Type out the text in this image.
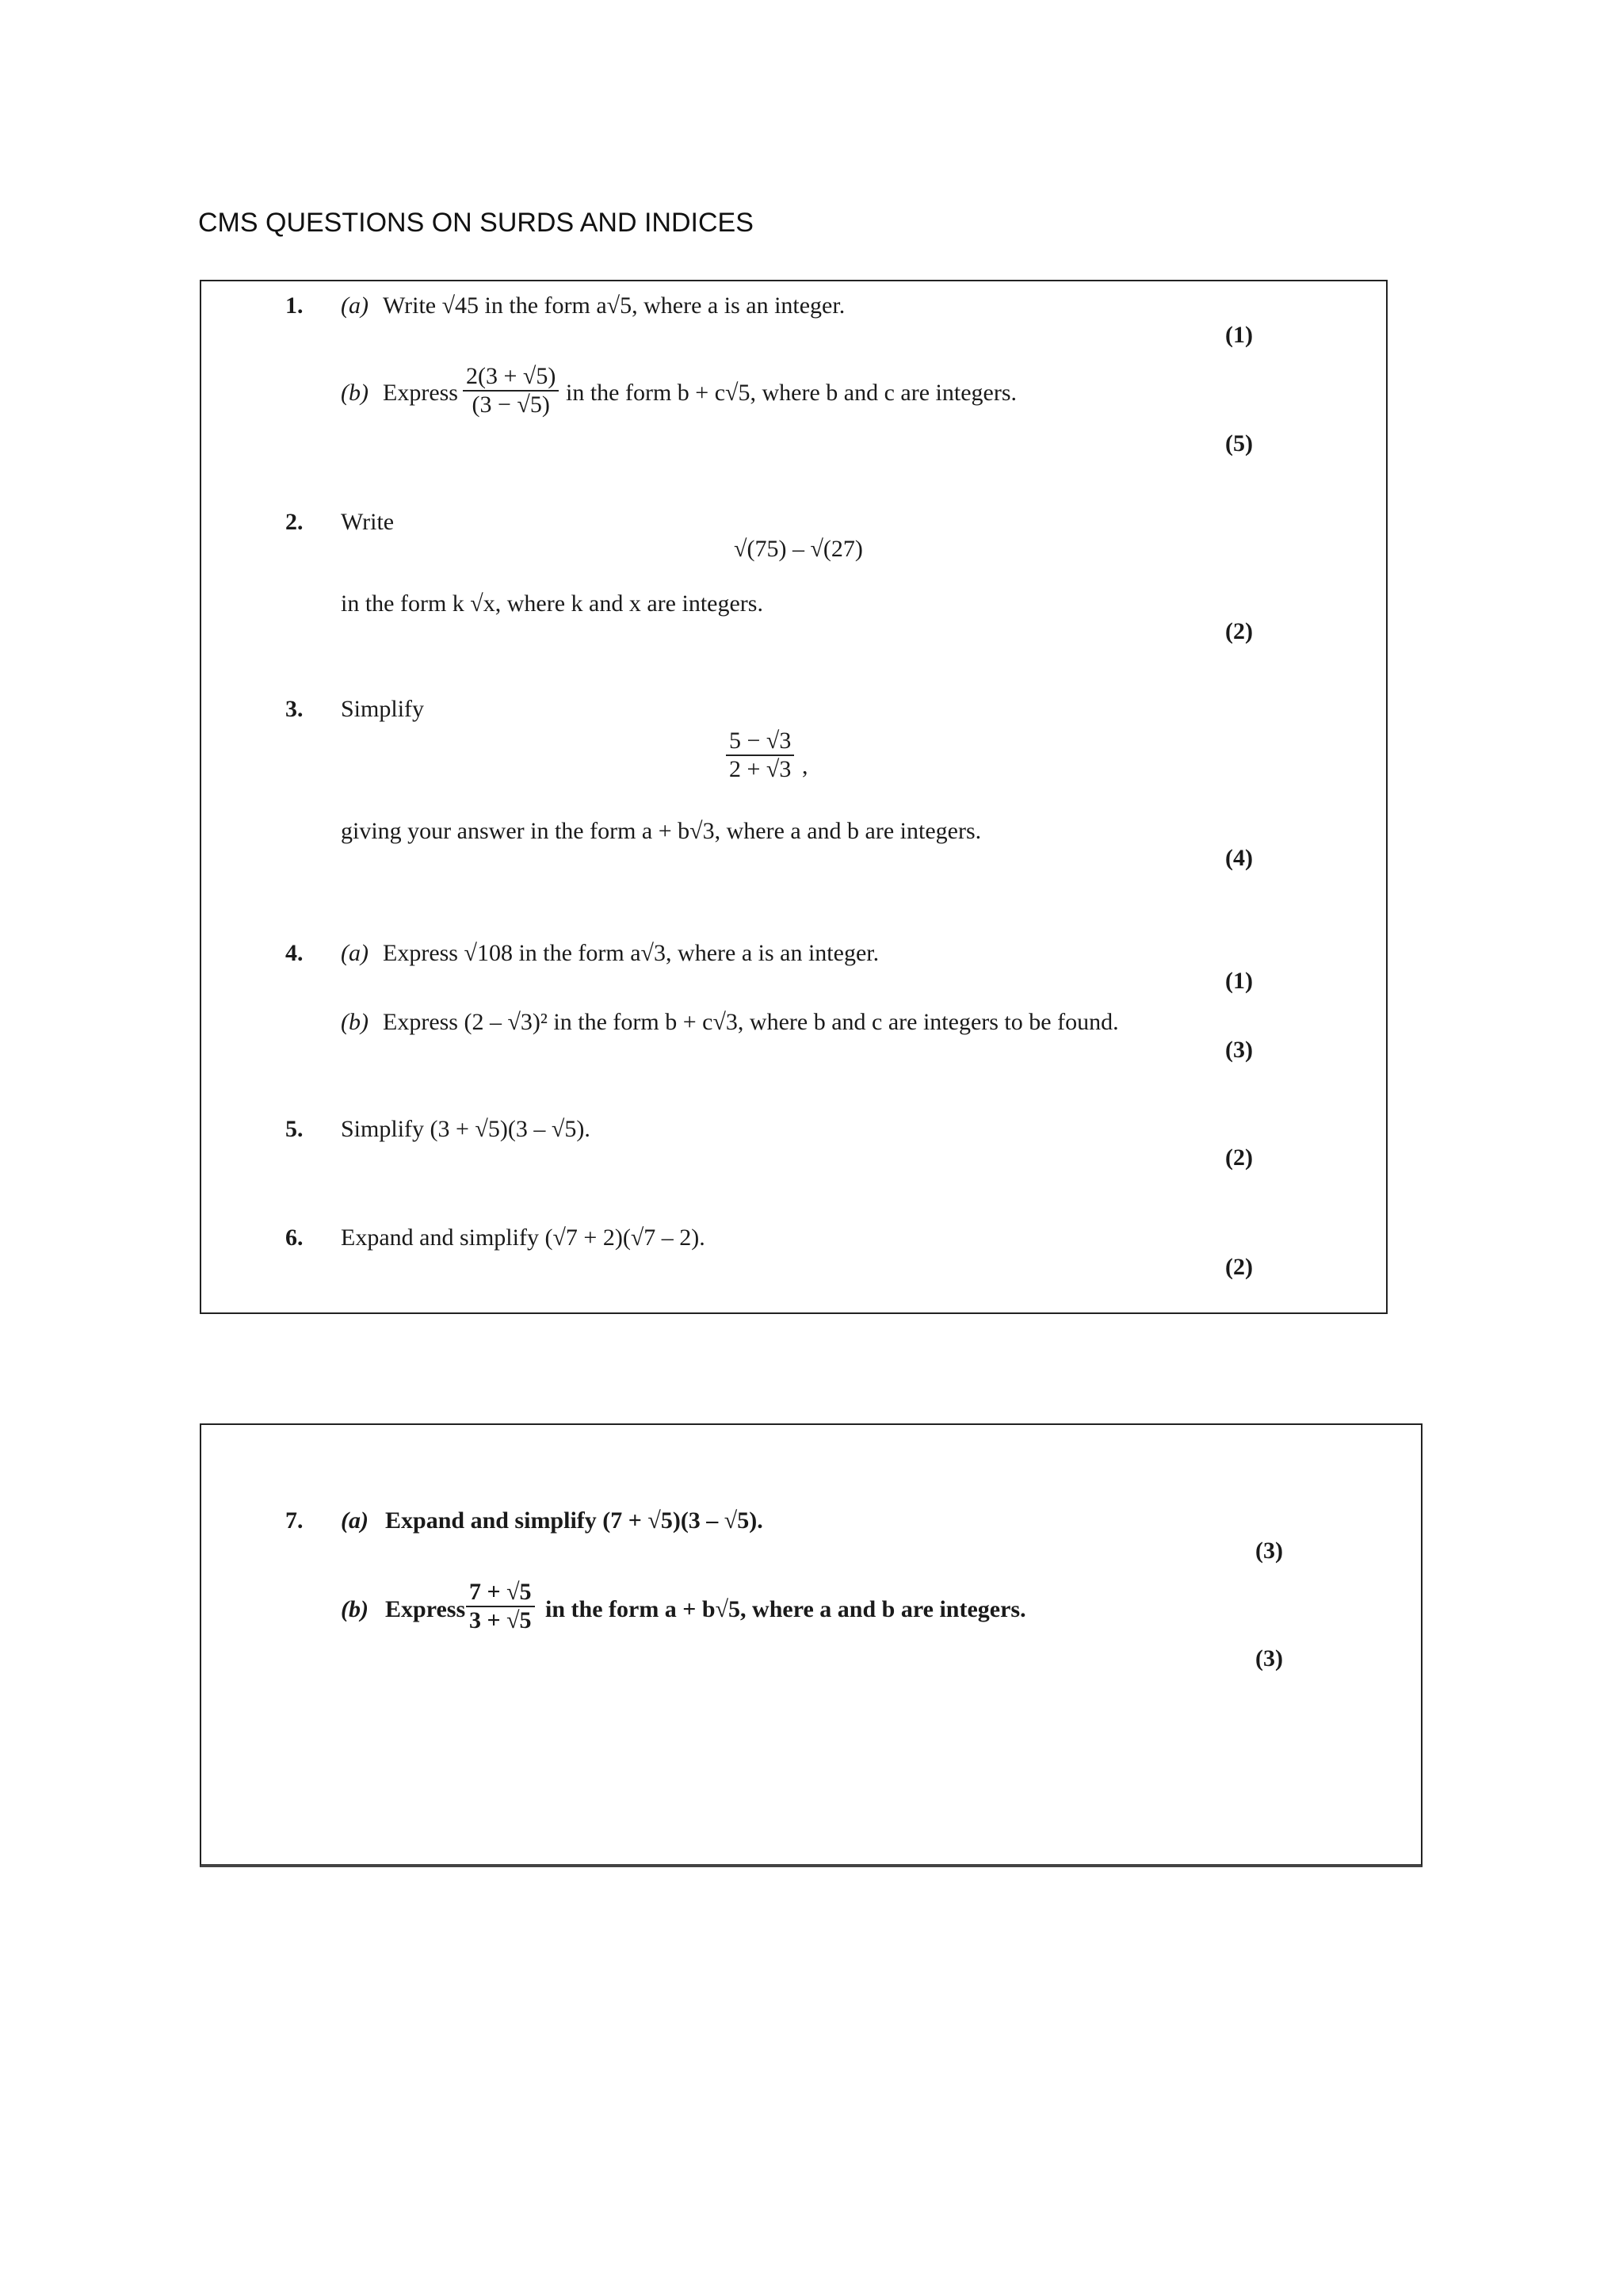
CMS QUESTIONS ON SURDS AND INDICES
1. (a) Write √45 in the form a√5, where a is an integer.
(1)
(b) Express $\frac{2(3 + √5)}{(3 - √5)}$ in the form b + c√5, where b and c are integers.
(5)
2. Write
√(75) – √(27)
in the form k √x, where k and x are integers.
(2)
3. Simplify
$\frac{5 - √3}{2 + √3}$ ,
giving your answer in the form a + b√3, where a and b are integers.
(4)
4. (a) Express √108 in the form a√3, where a is an integer.
(1)
(b) Express (2 – √3)² in the form b + c√3, where b and c are integers to be found.
(3)
5. Simplify (3 + √5)(3 – √5).
(2)
6. Expand and simplify (√7 + 2)(√7 – 2).
(2)
7. (a) Expand and simplify (7 + √5)(3 – √5).
(3)
(b) Express $\frac{7 + √5}{3 + √5}$ in the form a + b√5, where a and b are integers.
(3)
